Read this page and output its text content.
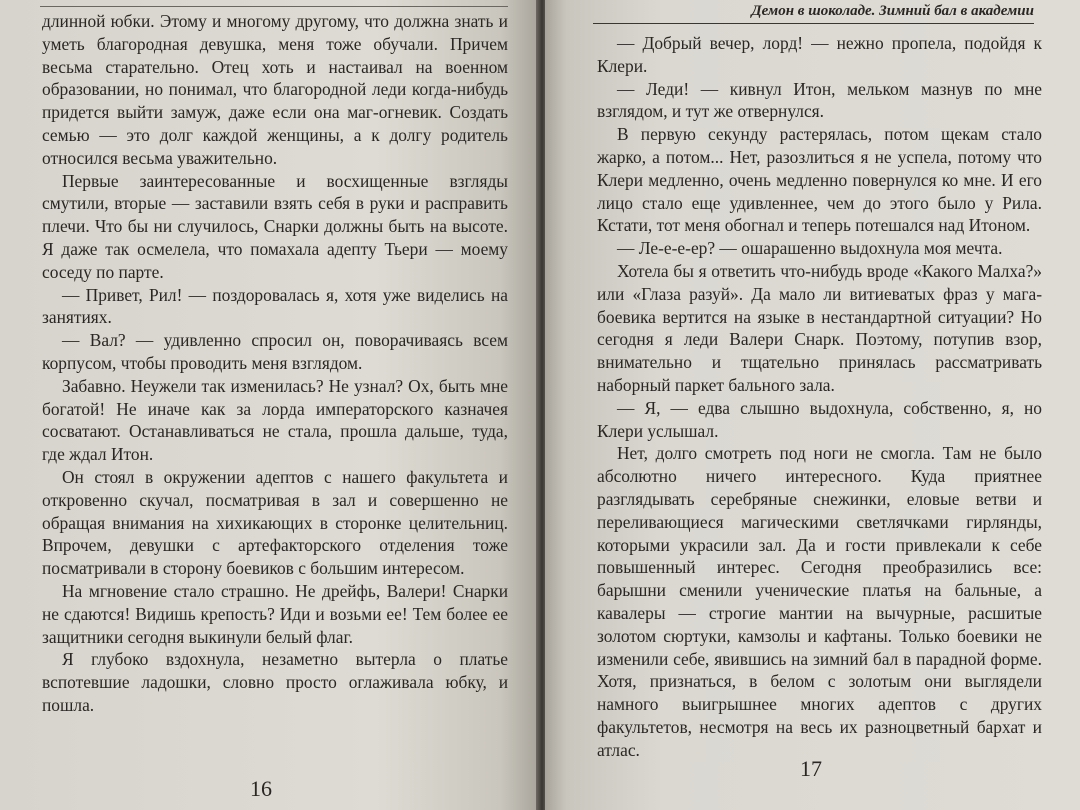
длинной юбки. Этому и многому другому, что должна знать и уметь благородная девушка, меня тоже обучали. Причем весьма старательно. Отец хоть и настаивал на военном образовании, но понимал, что благородной леди когда-нибудь придется выйти замуж, даже если она маг-огневик. Создать семью — это долг каждой женщины, а к долгу родитель относился весьма уважительно.

Первые заинтересованные и восхищенные взгляды смутили, вторые — заставили взять себя в руки и расправить плечи. Что бы ни случилось, Снарки должны быть на высоте. Я даже так осмелела, что помахала адепту Тьери — моему соседу по парте.

— Привет, Рил! — поздоровалась я, хотя уже виделись на занятиях.

— Вал? — удивленно спросил он, поворачиваясь всем корпусом, чтобы проводить меня взглядом.

Забавно. Неужели так изменилась? Не узнал? Ох, быть мне богатой! Не иначе как за лорда императорского казначея сосватают. Останавливаться не стала, прошла дальше, туда, где ждал Итон.

Он стоял в окружении адептов с нашего факультета и откровенно скучал, посматривая в зал и совершенно не обращая внимания на хихикающих в сторонке целительниц. Впрочем, девушки с артефакторского отделения тоже посматривали в сторону боевиков с большим интересом.

На мгновение стало страшно. Не дрейфь, Валери! Снарки не сдаются! Видишь крепость? Иди и возьми ее! Тем более ее защитники сегодня выкинули белый флаг.

Я глубоко вздохнула, незаметно вытерла о платье вспотевшие ладошки, словно просто оглаживала юбку, и пошла.

16
Демон в шоколаде. Зимний бал в академии

— Добрый вечер, лорд! — нежно пропела, подойдя к Клери.

— Леди! — кивнул Итон, мельком мазнув по мне взглядом, и тут же отвернулся.

В первую секунду растерялась, потом щекам стало жарко, а потом... Нет, разозлиться я не успела, потому что Клери медленно, очень медленно повернулся ко мне. И его лицо стало еще удивленнее, чем до этого было у Рила. Кстати, тот меня обогнал и теперь потешался над Итоном.

— Ле-е-е-ер? — ошарашенно выдохнула моя мечта.

Хотела бы я ответить что-нибудь вроде «Какого Малха?» или «Глаза разуй». Да мало ли витиеватых фраз у мага-боевика вертится на языке в нестандартной ситуации? Но сегодня я леди Валери Снарк. Поэтому, потупив взор, внимательно и тщательно принялась рассматривать наборный паркет бального зала.

— Я, — едва слышно выдохнула, собственно, я, но Клери услышал.

Нет, долго смотреть под ноги не смогла. Там не было абсолютно ничего интересного. Куда приятнее разглядывать серебряные снежинки, еловые ветви и переливающиеся магическими светлячками гирлянды, которыми украсили зал. Да и гости привлекали к себе повышенный интерес. Сегодня преобразились все: барышни сменили ученические платья на бальные, а кавалеры — строгие мантии на вычурные, расшитые золотом сюртуки, камзолы и кафтаны. Только боевики не изменили себе, явившись на зимний бал в парадной форме. Хотя, признаться, в белом с золотым они выглядели намного выигрышнее многих адептов с других факультетов, несмотря на весь их разноцветный бархат и атлас.

17
